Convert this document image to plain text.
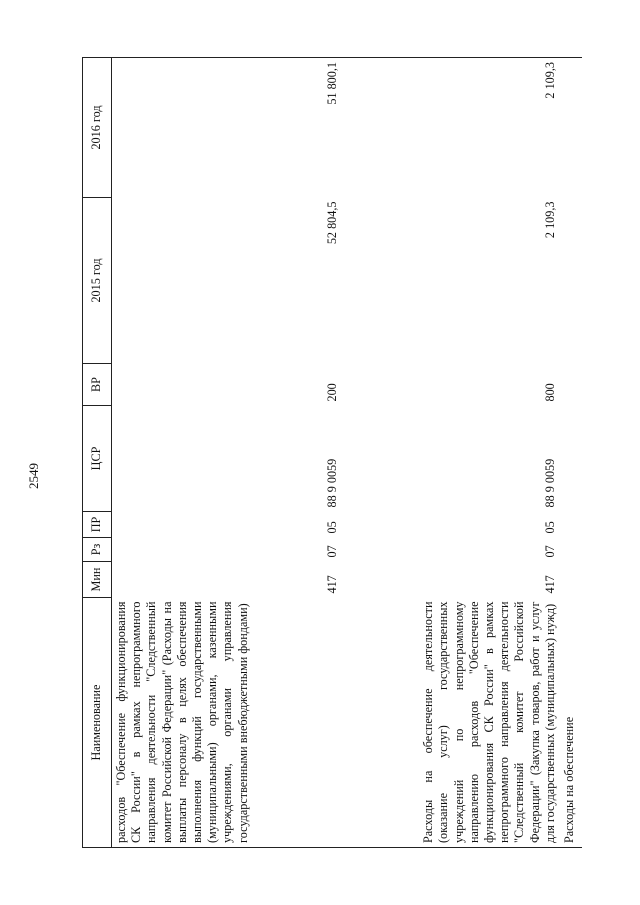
2549
Наименование	Мин	Рз	ПР	ЦСР	ВР	2015 год	2016 год
расходов "Обеспечение функционирования СК России" в рамках непрограммного направления деятельности "Следственный комитет Российской Федерации" (Расходы на выплаты персоналу в целях обеспечения выполнения функций государственными (муниципальными) органами, казенными учреждениями, органами управления государственными внебюджетными фондами)	417	07	05	88 9 0059	200	52 804,5	51 800,1
Расходы на обеспечение деятельности (оказание услуг) государственных учреждений по непрограммному направлению расходов "Обеспечение функционирования СК России" в рамках непрограммного направления деятельности "Следственный комитет Российской Федерации" (Закупка товаров, работ и услуг для государственных (муниципальных) нужд)	417	07	05	88 9 0059	800	2 109,3	2 109,3
Расходы на обеспечение							
